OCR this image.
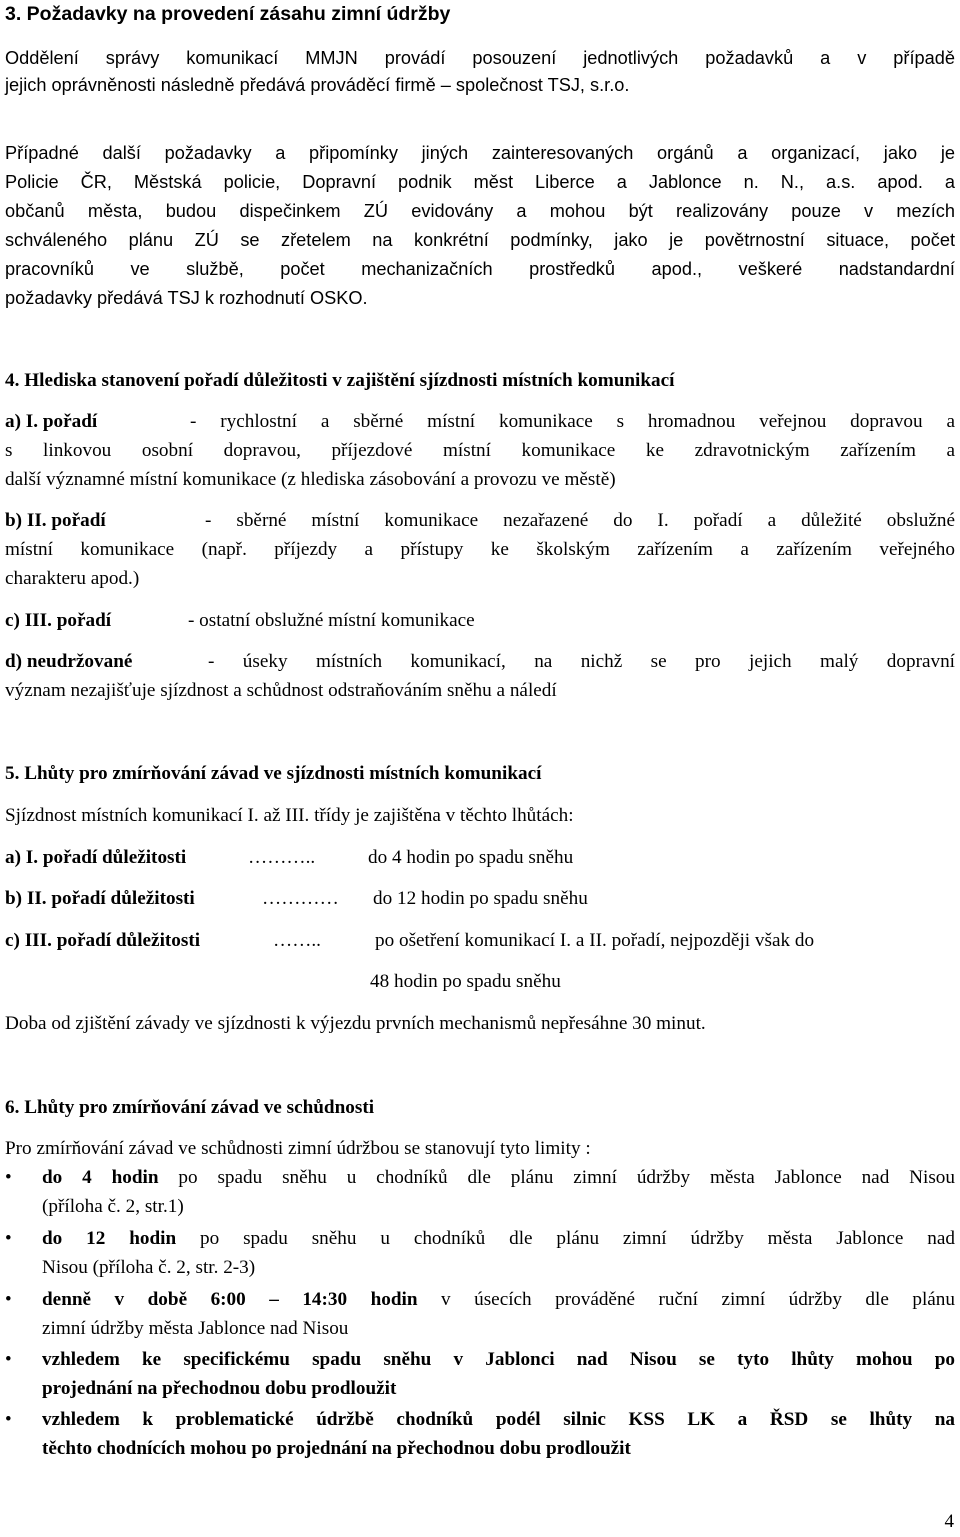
3. Požadavky na provedení zásahu zimní údržby
Oddělení správy komunikací MMJN provádí posouzení jednotlivých požadavků a v případě
jejich oprávněnosti následně předává prováděcí firmě – společnost TSJ, s.r.o.
Případné další požadavky a připomínky jiných zainteresovaných orgánů a organizací, jako je
Policie ČR, Městská policie, Dopravní podnik měst Liberce a Jablonce n. N., a.s. apod. a
občanů města, budou dispečinkem ZÚ evidovány a mohou být realizovány pouze v mezích
schváleného plánu ZÚ se zřetelem na konkrétní podmínky, jako je povětrnostní situace, počet
pracovníků ve službě, počet mechanizačních prostředků apod., veškeré nadstandardní
požadavky předává TSJ k rozhodnutí OSKO.
4. Hlediska stanovení pořadí důležitosti v zajištění sjízdnosti místních komunikací
a) I. pořadí	- rychlostní a sběrné místní komunikace s hromadnou veřejnou dopravou a
s linkovou osobní dopravou, příjezdové místní komunikace ke zdravotnickým zařízením a
další významné místní komunikace (z hlediska zásobování a provozu ve městě)
b) II. pořadí	- sběrné místní komunikace nezařazené do I. pořadí a důležité obslužné
místní komunikace (např. příjezdy a přístupy ke školským zařízením a zařízením veřejného
charakteru apod.)
c) III. pořadí	- ostatní obslužné místní komunikace
d) neudržované	- úseky místních komunikací, na nichž se pro jejich malý dopravní
význam nezajišťuje sjízdnost a schůdnost odstraňováním sněhu a náledí
5. Lhůty pro zmírňování závad ve sjízdnosti místních komunikací
Sjízdnost místních komunikací I. až III. třídy je zajištěna v těchto lhůtách:
a) I. pořadí důležitosti	………..	do 4 hodin po spadu sněhu
b) II. pořadí důležitosti	………… do 12 hodin po spadu sněhu
c) III. pořadí důležitosti	……..	po ošetření komunikací I. a II. pořadí, nejpozději však do
48 hodin po spadu sněhu
Doba od zjištění závady ve sjízdnosti k výjezdu prvních mechanismů nepřesáhne 30 minut.
6. Lhůty pro zmírňování závad ve schůdnosti
Pro zmírňování závad ve schůdnosti zimní údržbou se stanovují tyto limity :
• do 4 hodin po spadu sněhu u chodníků dle plánu zimní údržby města Jablonce nad Nisou
(příloha č. 2, str.1)
• do 12 hodin po spadu sněhu u chodníků dle plánu zimní údržby města Jablonce nad
Nisou (příloha č. 2, str. 2-3)
• denně v době 6:00 – 14:30 hodin v úsecích prováděné ruční zimní údržby dle plánu
zimní údržby města Jablonce nad Nisou
• vzhledem ke specifickému spadu sněhu v Jablonci nad Nisou se tyto lhůty mohou po
projednání na přechodnou dobu prodloužit
• vzhledem k problematické údržbě chodníků podél silnic KSS LK a ŘSD se lhůty na
těchto chodnících mohou po projednání na přechodnou dobu prodloužit
4
